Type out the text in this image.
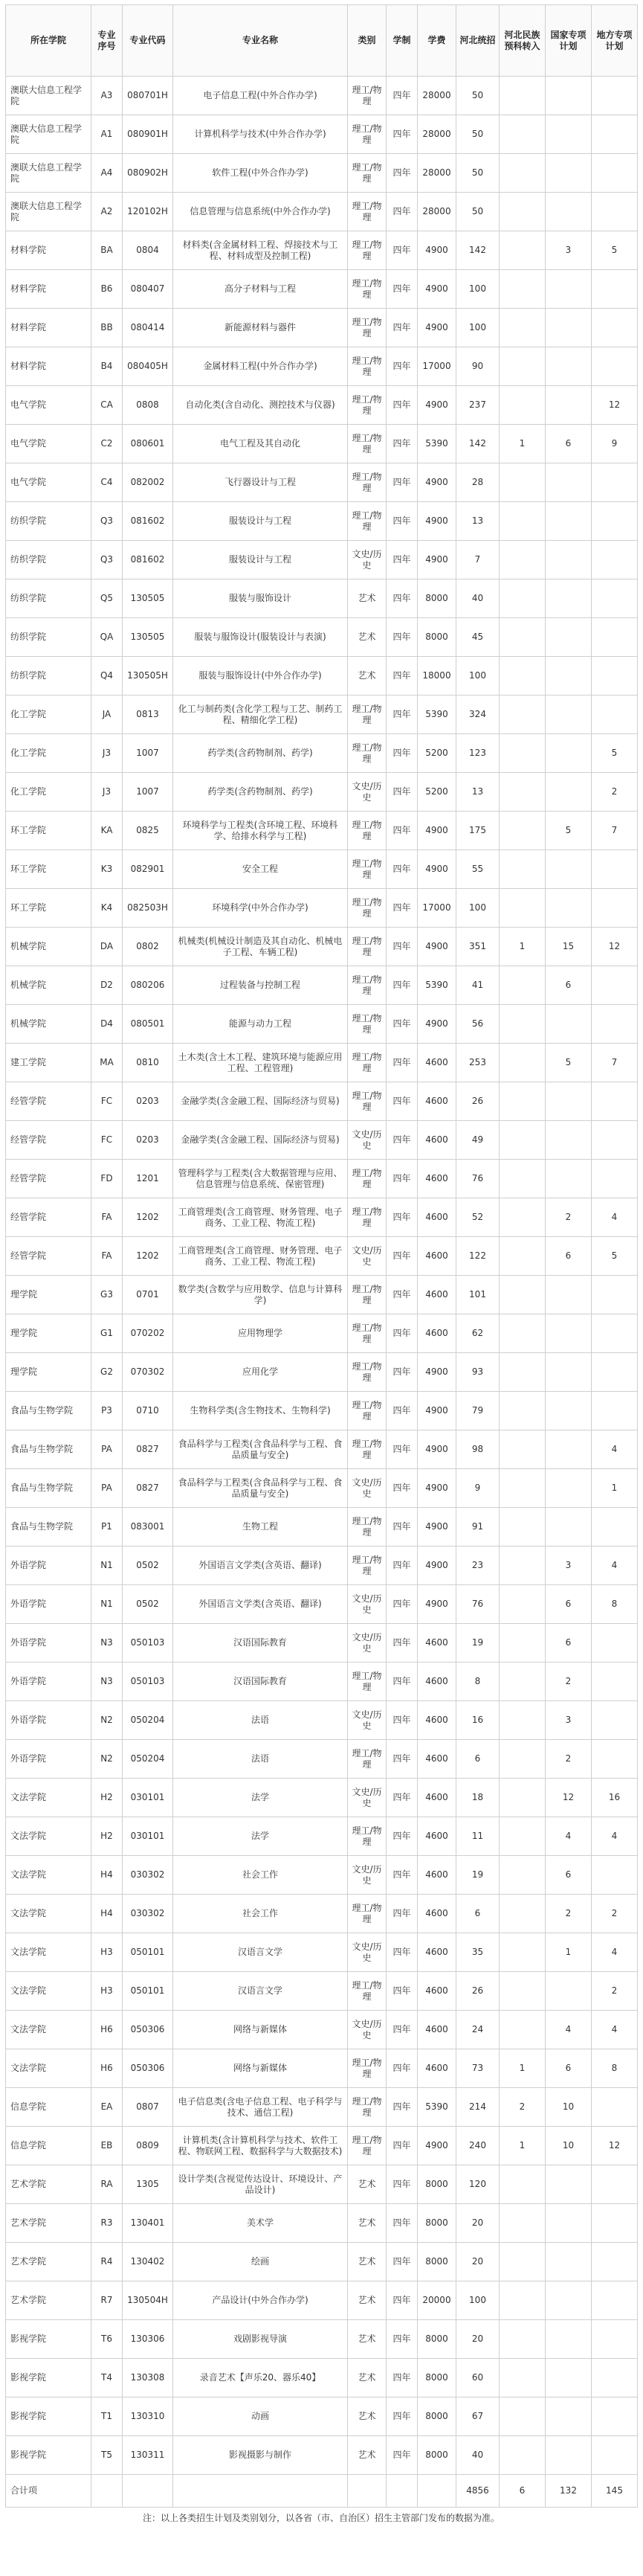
所在学院	专业序号	专业代码	专业名称	类别	学制	学费	河北统招	河北民族预科转入	国家专项计划	地方专项计划
澳联大信息工程学院	A3	080701H	电子信息工程(中外合作办学)	理工/物理	四年	28000	50			
澳联大信息工程学院	A1	080901H	计算机科学与技术(中外合作办学)	理工/物理	四年	28000	50			
澳联大信息工程学院	A4	080902H	软件工程(中外合作办学)	理工/物理	四年	28000	50			
澳联大信息工程学院	A2	120102H	信息管理与信息系统(中外合作办学)	理工/物理	四年	28000	50			
材料学院	BA	0804	材料类(含金属材料工程、焊接技术与工程、材料成型及控制工程)	理工/物理	四年	4900	142		3	5
材料学院	B6	080407	高分子材料与工程	理工/物理	四年	4900	100			
材料学院	BB	080414	新能源材料与器件	理工/物理	四年	4900	100			
材料学院	B4	080405H	金属材料工程(中外合作办学)	理工/物理	四年	17000	90			
电气学院	CA	0808	自动化类(含自动化、测控技术与仪器)	理工/物理	四年	4900	237			12
电气学院	C2	080601	电气工程及其自动化	理工/物理	四年	5390	142	1	6	9
电气学院	C4	082002	飞行器设计与工程	理工/物理	四年	4900	28			
纺织学院	Q3	081602	服装设计与工程	理工/物理	四年	4900	13			
纺织学院	Q3	081602	服装设计与工程	文史/历史	四年	4900	7			
纺织学院	Q5	130505	服装与服饰设计	艺术	四年	8000	40			
纺织学院	QA	130505	服装与服饰设计(服装设计与表演)	艺术	四年	8000	45			
纺织学院	Q4	130505H	服装与服饰设计(中外合作办学)	艺术	四年	18000	100			
化工学院	JA	0813	化工与制药类(含化学工程与工艺、制药工程、精细化学工程)	理工/物理	四年	5390	324			
化工学院	J3	1007	药学类(含药物制剂、药学)	理工/物理	四年	5200	123			5
化工学院	J3	1007	药学类(含药物制剂、药学)	文史/历史	四年	5200	13			2
环工学院	KA	0825	环境科学与工程类(含环境工程、环境科学、给排水科学与工程)	理工/物理	四年	4900	175		5	7
环工学院	K3	082901	安全工程	理工/物理	四年	4900	55			
环工学院	K4	082503H	环境科学(中外合作办学)	理工/物理	四年	17000	100			
机械学院	DA	0802	机械类(机械设计制造及其自动化、机械电子工程、车辆工程)	理工/物理	四年	4900	351	1	15	12
机械学院	D2	080206	过程装备与控制工程	理工/物理	四年	5390	41		6	
机械学院	D4	080501	能源与动力工程	理工/物理	四年	4900	56			
建工学院	MA	0810	土木类(含土木工程、建筑环境与能源应用工程、工程管理)	理工/物理	四年	4600	253		5	7
经管学院	FC	0203	金融学类(含金融工程、国际经济与贸易)	理工/物理	四年	4600	26			
经管学院	FC	0203	金融学类(含金融工程、国际经济与贸易)	文史/历史	四年	4600	49			
经管学院	FD	1201	管理科学与工程类(含大数据管理与应用、信息管理与信息系统、保密管理)	理工/物理	四年	4600	76			
经管学院	FA	1202	工商管理类(含工商管理、财务管理、电子商务、工业工程、物流工程)	理工/物理	四年	4600	52		2	4
经管学院	FA	1202	工商管理类(含工商管理、财务管理、电子商务、工业工程、物流工程)	文史/历史	四年	4600	122		6	5
理学院	G3	0701	数学类(含数学与应用数学、信息与计算科学)	理工/物理	四年	4600	101			
理学院	G1	070202	应用物理学	理工/物理	四年	4600	62			
理学院	G2	070302	应用化学	理工/物理	四年	4900	93			
食品与生物学院	P3	0710	生物科学类(含生物技术、生物科学)	理工/物理	四年	4900	79			
食品与生物学院	PA	0827	食品科学与工程类(含食品科学与工程、食品质量与安全)	理工/物理	四年	4900	98			4
食品与生物学院	PA	0827	食品科学与工程类(含食品科学与工程、食品质量与安全)	文史/历史	四年	4900	9			1
食品与生物学院	P1	083001	生物工程	理工/物理	四年	4900	91			
外语学院	N1	0502	外国语言文学类(含英语、翻译)	理工/物理	四年	4900	23		3	4
外语学院	N1	0502	外国语言文学类(含英语、翻译)	文史/历史	四年	4900	76		6	8
外语学院	N3	050103	汉语国际教育	文史/历史	四年	4600	19		6	
外语学院	N3	050103	汉语国际教育	理工/物理	四年	4600	8		2	
外语学院	N2	050204	法语	文史/历史	四年	4600	16		3	
外语学院	N2	050204	法语	理工/物理	四年	4600	6		2	
文法学院	H2	030101	法学	文史/历史	四年	4600	18		12	16
文法学院	H2	030101	法学	理工/物理	四年	4600	11		4	4
文法学院	H4	030302	社会工作	文史/历史	四年	4600	19		6	
文法学院	H4	030302	社会工作	理工/物理	四年	4600	6		2	2
文法学院	H3	050101	汉语言文学	文史/历史	四年	4600	35		1	4
文法学院	H3	050101	汉语言文学	理工/物理	四年	4600	26			2
文法学院	H6	050306	网络与新媒体	文史/历史	四年	4600	24		4	4
文法学院	H6	050306	网络与新媒体	理工/物理	四年	4600	73	1	6	8
信息学院	EA	0807	电子信息类(含电子信息工程、电子科学与技术、通信工程)	理工/物理	四年	5390	214	2	10	
信息学院	EB	0809	计算机类(含计算机科学与技术、软件工程、物联网工程、数据科学与大数据技术)	理工/物理	四年	4900	240	1	10	12
艺术学院	RA	1305	设计学类(含视觉传达设计、环境设计、产品设计)	艺术	四年	8000	120			
艺术学院	R3	130401	美术学	艺术	四年	8000	20			
艺术学院	R4	130402	绘画	艺术	四年	8000	20			
艺术学院	R7	130504H	产品设计(中外合作办学)	艺术	四年	20000	100			
影视学院	T6	130306	戏剧影视导演	艺术	四年	8000	20			
影视学院	T4	130308	录音艺术【声乐20、器乐40】	艺术	四年	8000	60			
影视学院	T1	130310	动画	艺术	四年	8000	67			
影视学院	T5	130311	影视摄影与制作	艺术	四年	8000	40			
合计项							4856	6	132	145
注：以上各类招生计划及类别划分，以各省（市、自治区）招生主管部门发布的数据为准。
